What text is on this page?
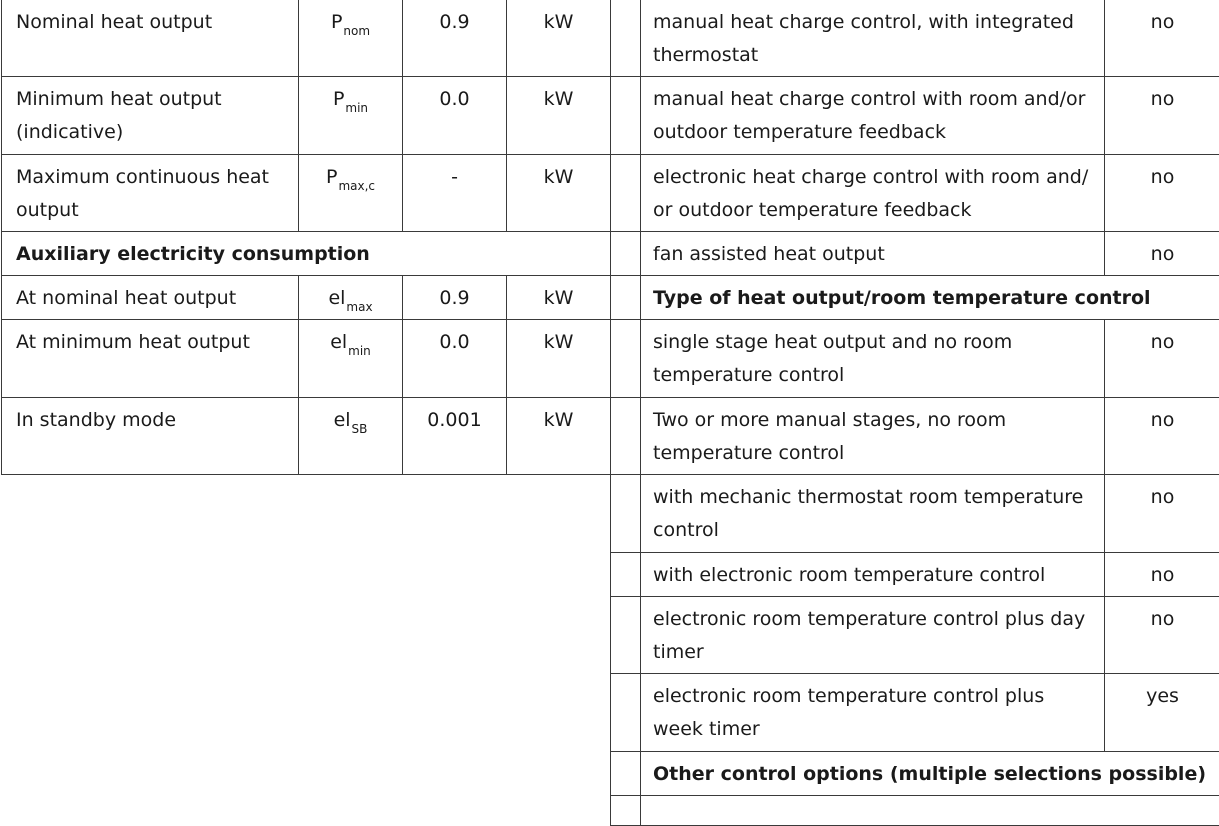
Nominal heat output	$P_{nom}$	0.9	kW
Minimum heat output (indicative)	$P_{min}$	0.0	kW
Maximum continuous heat output	$P_{max,c}$	-	kW
Auxiliary electricity consumption			
At nominal heat output	$el_{max}$	0.9	kW
At minimum heat output	$el_{min}$	0.0	kW
In standby mode	$el_{SB}$	0.001	kW
	manual heat charge control, with integrated thermostat	no
	manual heat charge control with room and/or outdoor temperature feedback	no
	electronic heat charge control with room and/ or outdoor temperature feedback	no
	fan assisted heat output	no
	Type of heat output/room temperature control	
	single stage heat output and no room temperature control	no
	Two or more manual stages, no room temperature control	no
	with mechanic thermostat room temperature control	no
	with electronic room temperature control	no
	electronic room temperature control plus day timer	no
	electronic room temperature control plus week timer	yes
	Other control options (multiple selections possible)	
